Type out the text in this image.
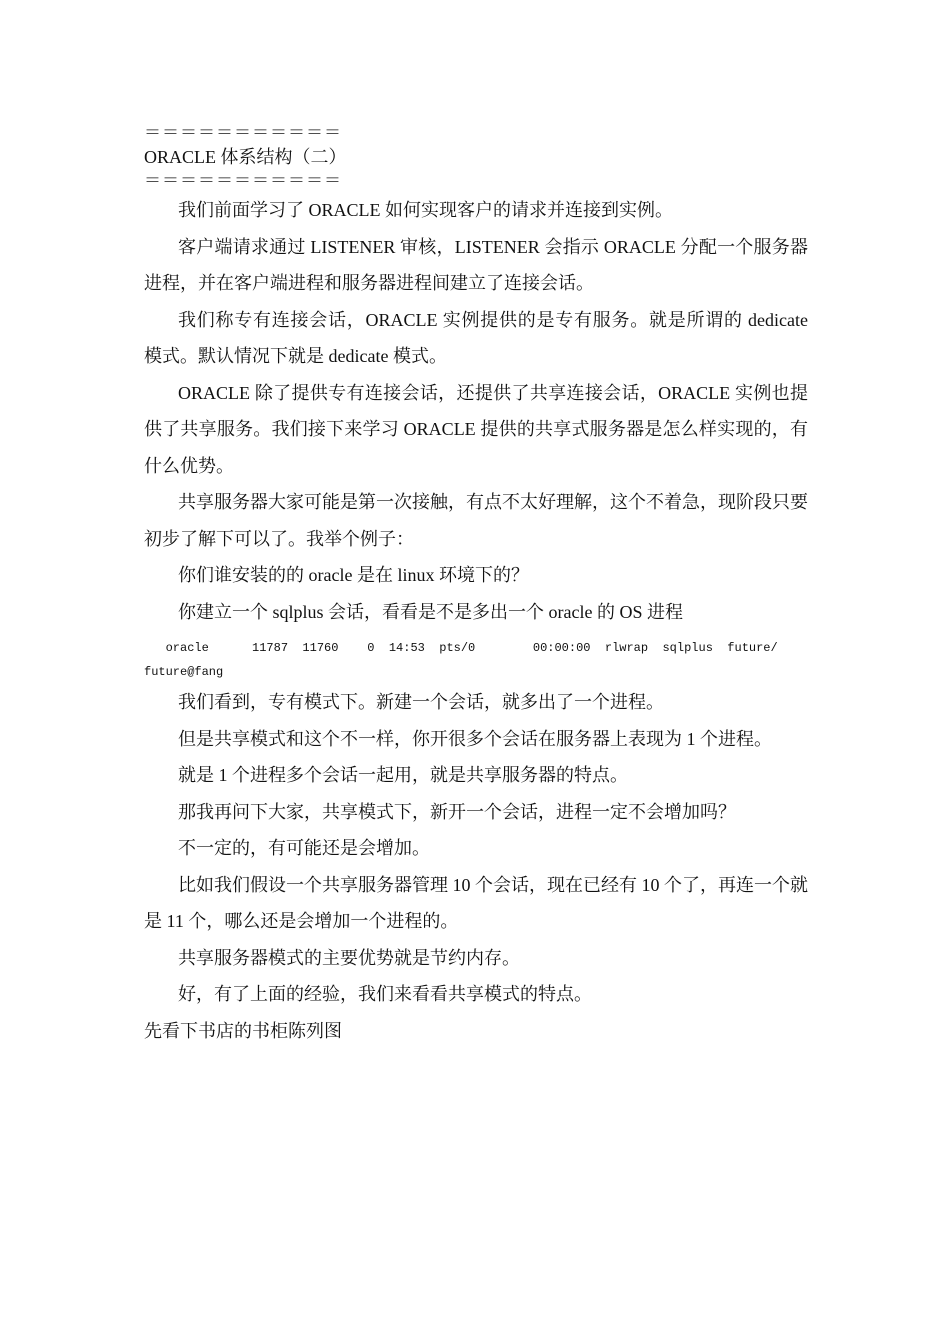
＝＝＝＝＝＝＝＝＝＝＝
ORACLE 体系结构（二）
＝＝＝＝＝＝＝＝＝＝＝

我们前面学习了 ORACLE 如何实现客户的请求并连接到实例。

客户端请求通过 LISTENER 审核，LISTENER 会指示 ORACLE 分配一个服务器进程，并在客户端进程和服务器进程间建立了连接会话。

我们称专有连接会话，ORACLE 实例提供的是专有服务。就是所谓的 dedicate 模式。默认情况下就是 dedicate 模式。

ORACLE 除了提供专有连接会话，还提供了共享连接会话，ORACLE 实例也提供了共享服务。我们接下来学习 ORACLE 提供的共享式服务器是怎么样实现的，有什么优势。

共享服务器大家可能是第一次接触，有点不太好理解，这个不着急，现阶段只要初步了解下可以了。我举个例子：

你们谁安装的的 oracle 是在 linux 环境下的？

你建立一个 sqlplus 会话，看看是不是多出一个 oracle 的 OS 进程

oracle      11787  11760    0  14:53  pts/0        00:00:00  rlwrap  sqlplus  future/
future@fang

我们看到，专有模式下。新建一个会话，就多出了一个进程。

但是共享模式和这个不一样，你开很多个会话在服务器上表现为 1 个进程。

就是 1 个进程多个会话一起用，就是共享服务器的特点。

那我再问下大家，共享模式下，新开一个会话，进程一定不会增加吗？

不一定的，有可能还是会增加。

比如我们假设一个共享服务器管理 10 个会话，现在已经有 10 个了，再连一个就是 11 个，哪么还是会增加一个进程的。

共享服务器模式的主要优势就是节约内存。

好，有了上面的经验，我们来看看共享模式的特点。

先看下书店的书柜陈列图
